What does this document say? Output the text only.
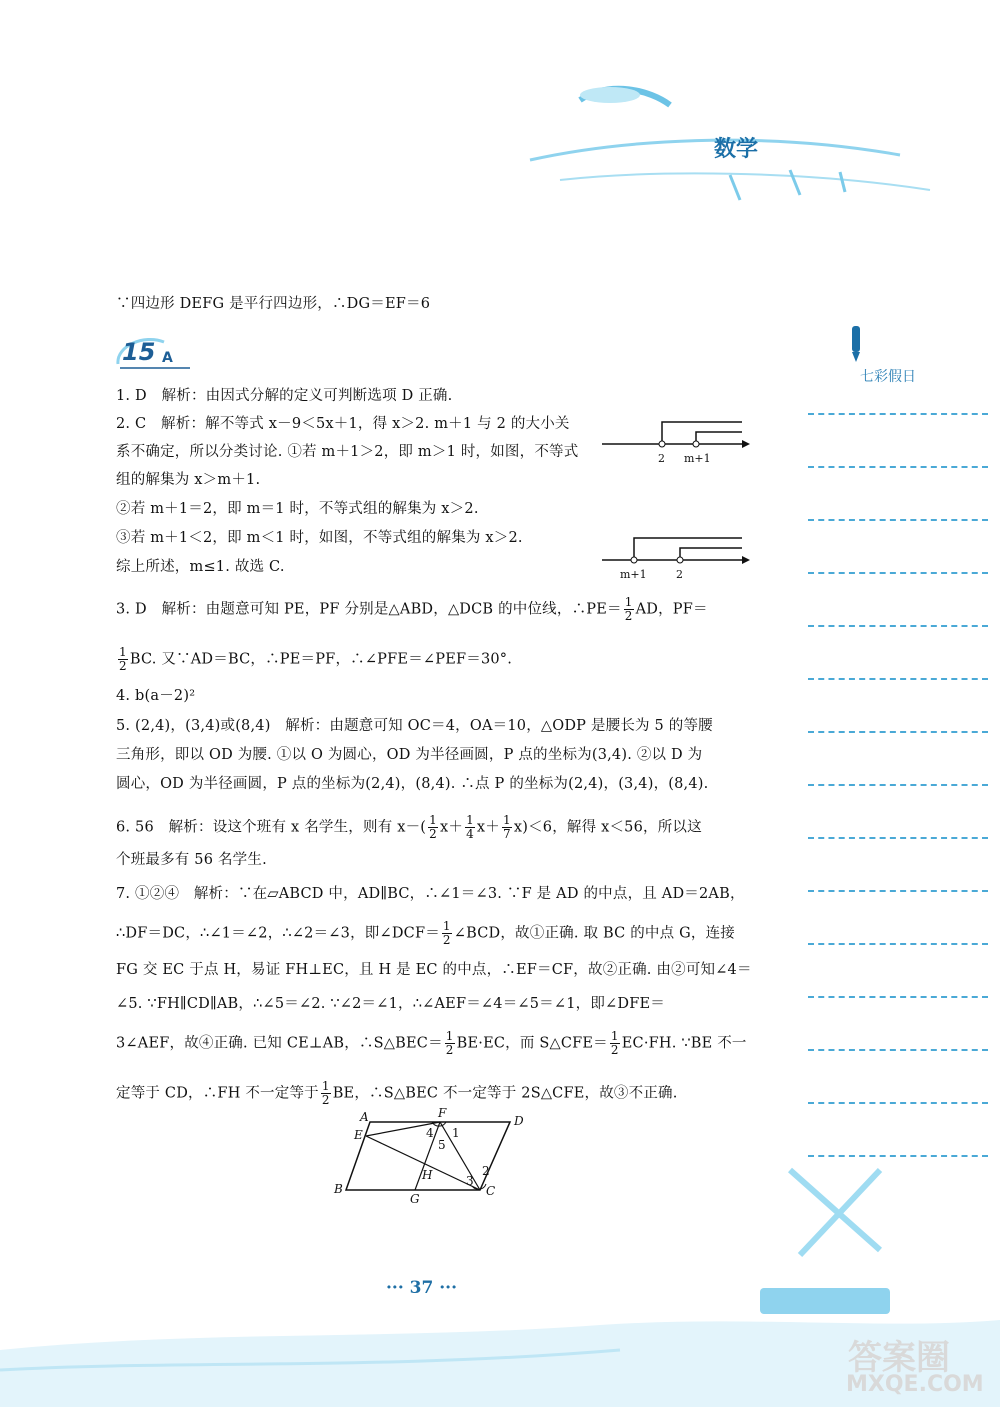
数学
七彩假日
∵四边形 DEFG 是平行四边形，∴DG＝EF＝6
15 A
1. D　解析：由因式分解的定义可判断选项 D 正确.
2. C　解析：解不等式 x－9＜5x＋1，得 x＞2. m＋1 与 2 的大小关
系不确定，所以分类讨论. ①若 m＋1＞2，即 m＞1 时，如图，不等式
组的解集为 x＞m＋1.
②若 m＋1＝2，即 m＝1 时，不等式组的解集为 x＞2.
③若 m＋1＜2，即 m＜1 时，如图，不等式组的解集为 x＞2.
综上所述，m≤1. 故选 C.
2 m+1
m+1	2
3. D　解析：由题意可知 PE，PF 分别是△ABD，△DCB 的中位线，∴PE＝ $\frac{1}{2}$ AD，PF＝
$\frac{1}{2}$ BC. 又∵AD＝BC，∴PE＝PF，∴∠PFE＝∠PEF＝30°.
4. b(a－2)²
5. (2,4)，(3,4)或(8,4)　解析：由题意可知 OC＝4，OA＝10，△ODP 是腰长为 5 的等腰
三角形，即以 OD 为腰. ①以 O 为圆心，OD 为半径画圆，P 点的坐标为(3,4). ②以 D 为
圆心，OD 为半径画圆，P 点的坐标为(2,4)，(8,4). ∴点 P 的坐标为(2,4)，(3,4)，(8,4).
6. 56　解析：设这个班有 x 名学生，则有 $x-( \frac{1}{2} x+ \frac{1}{4} x+ \frac{1}{7} x)<6$，解得 x＜56，所以这
个班最多有 56 名学生.
7. ①②④　解析：∵在▱ABCD 中，AD∥BC，∴∠1＝∠3. ∵F 是 AD 的中点，且 AD＝2AB，
∴DF＝DC，∴∠1＝∠2，∴∠2＝∠3，即∠DCF＝ $\frac{1}{2}$ ∠BCD，故①正确. 取 BC 的中点 G，连接
FG 交 EC 于点 H，易证 FH⊥EC，且 H 是 EC 的中点，∴EF＝CF，故②正确. 由②可知∠4＝
∠5. ∵FH∥CD∥AB，∴∠5＝∠2. ∵∠2＝∠1，∴∠AEF＝∠4＝∠5＝∠1，即∠DFE＝
3∠AEF，故④正确. 已知 CE⊥AB，∴S△BEC＝ $\frac{1}{2} BE\cdot EC$，而 S△CFE＝ $\frac{1}{2} EC\cdot FH$. ∵BE 不一
定等于 CD，∴FH 不一定等于 $\frac{1}{2}$ BE，∴S△BEC 不一定等于 2S△CFE，故③不正确.
A
E
F
D
B
G
H
C
4 1
5
2
3
··· 37 ···
答案圈
MXQE.COM
